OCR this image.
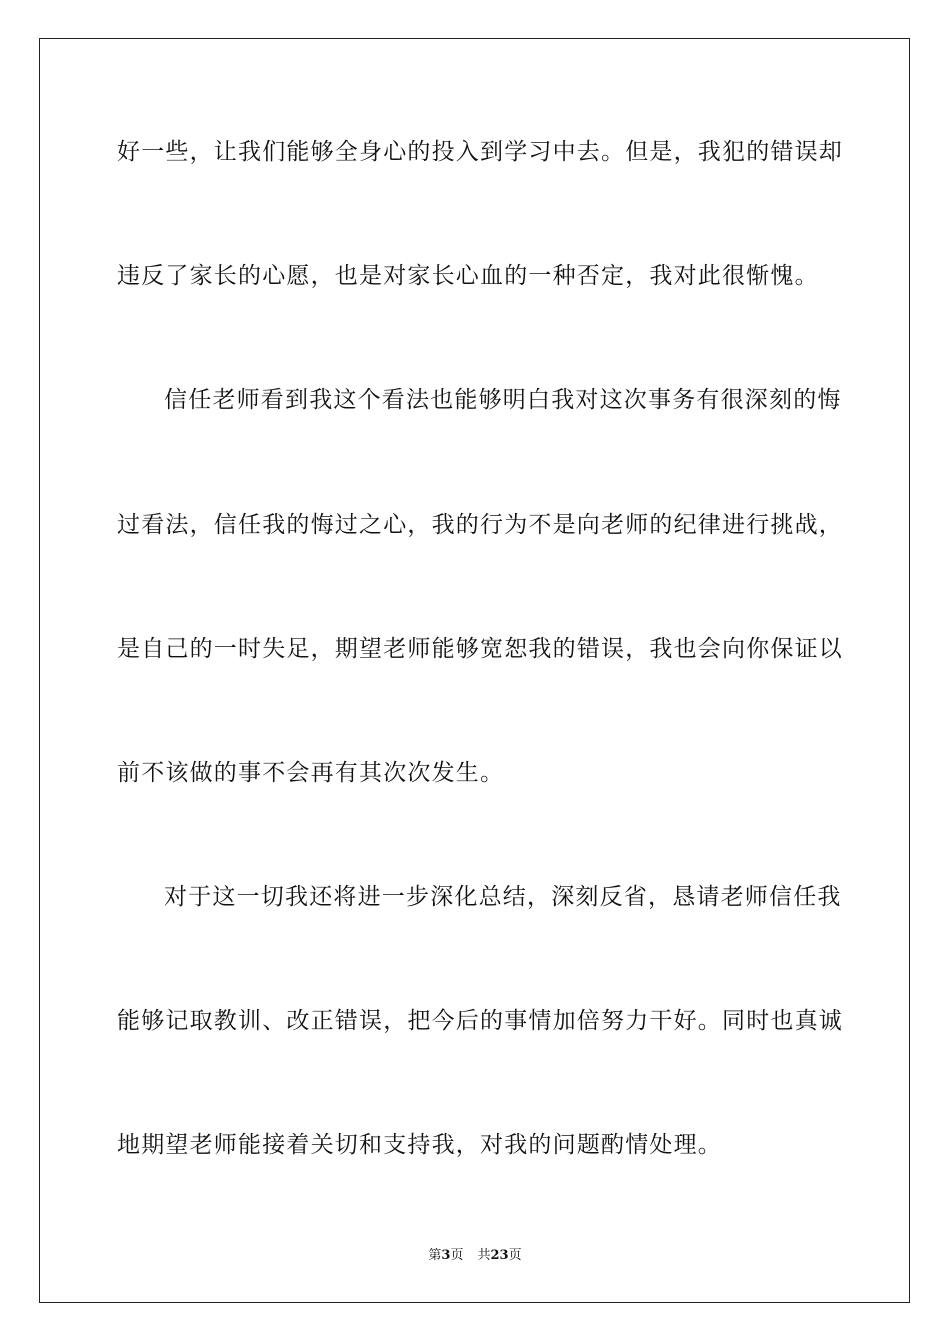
好一些，让我们能够全身心的投入到学习中去。但是，我犯的错误却
违反了家长的心愿，也是对家长心血的一种否定，我对此很惭愧。
信任老师看到我这个看法也能够明白我对这次事务有很深刻的悔
过看法，信任我的悔过之心，我的行为不是向老师的纪律进行挑战，
是自己的一时失足，期望老师能够宽恕我的错误，我也会向你保证以
前不该做的事不会再有其次次发生。
对于这一切我还将进一步深化总结，深刻反省，恳请老师信任我
能够记取教训、改正错误，把今后的事情加倍努力干好。同时也真诚
地期望老师能接着关切和支持我，对我的问题酌情处理。
第3页 共23页
